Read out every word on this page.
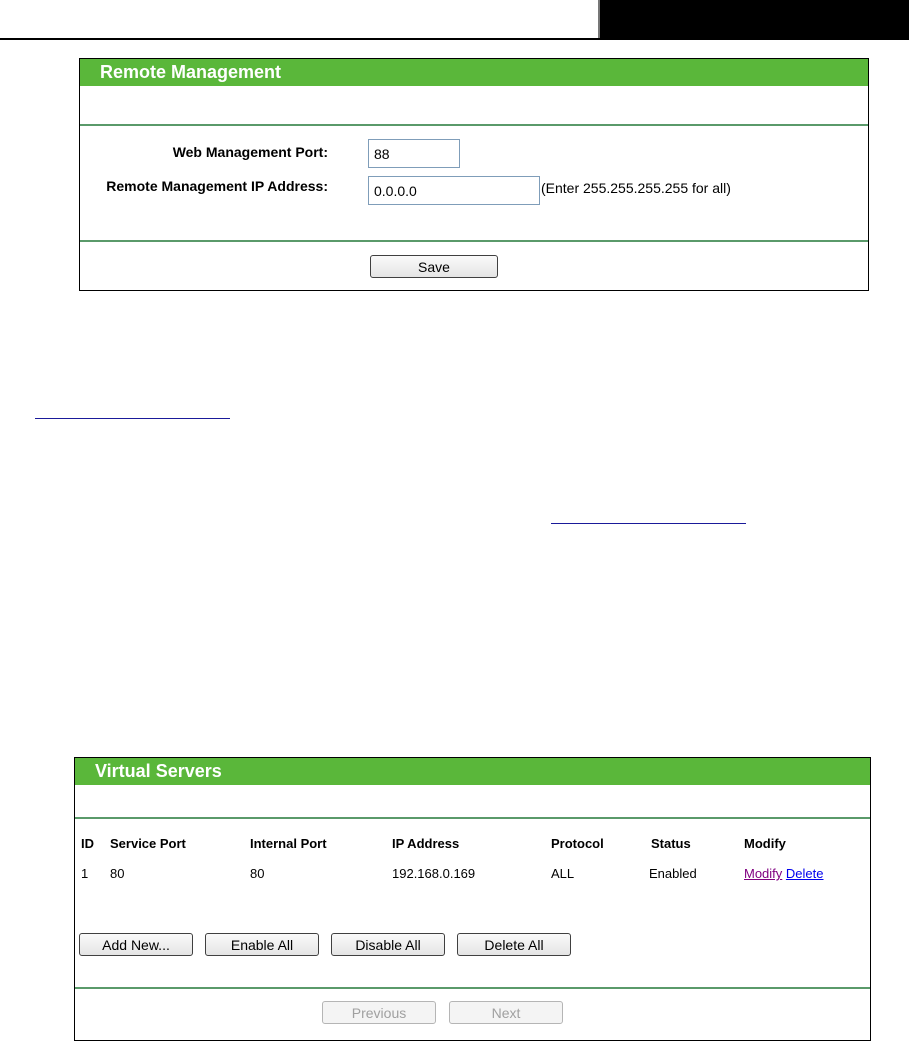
Remote Management
Web Management Port:
88
Remote Management IP Address:
0.0.0.0	(Enter 255.255.255.255 for all)
Save
Virtual Servers
ID Service Port	Internal Port	IP Address	Protocol	Status	Modify
1 80	80	192.168.0.169	ALL	Enabled	Modify Delete
Add New...	Enable All	Disable All	Delete All
Previous	Next
